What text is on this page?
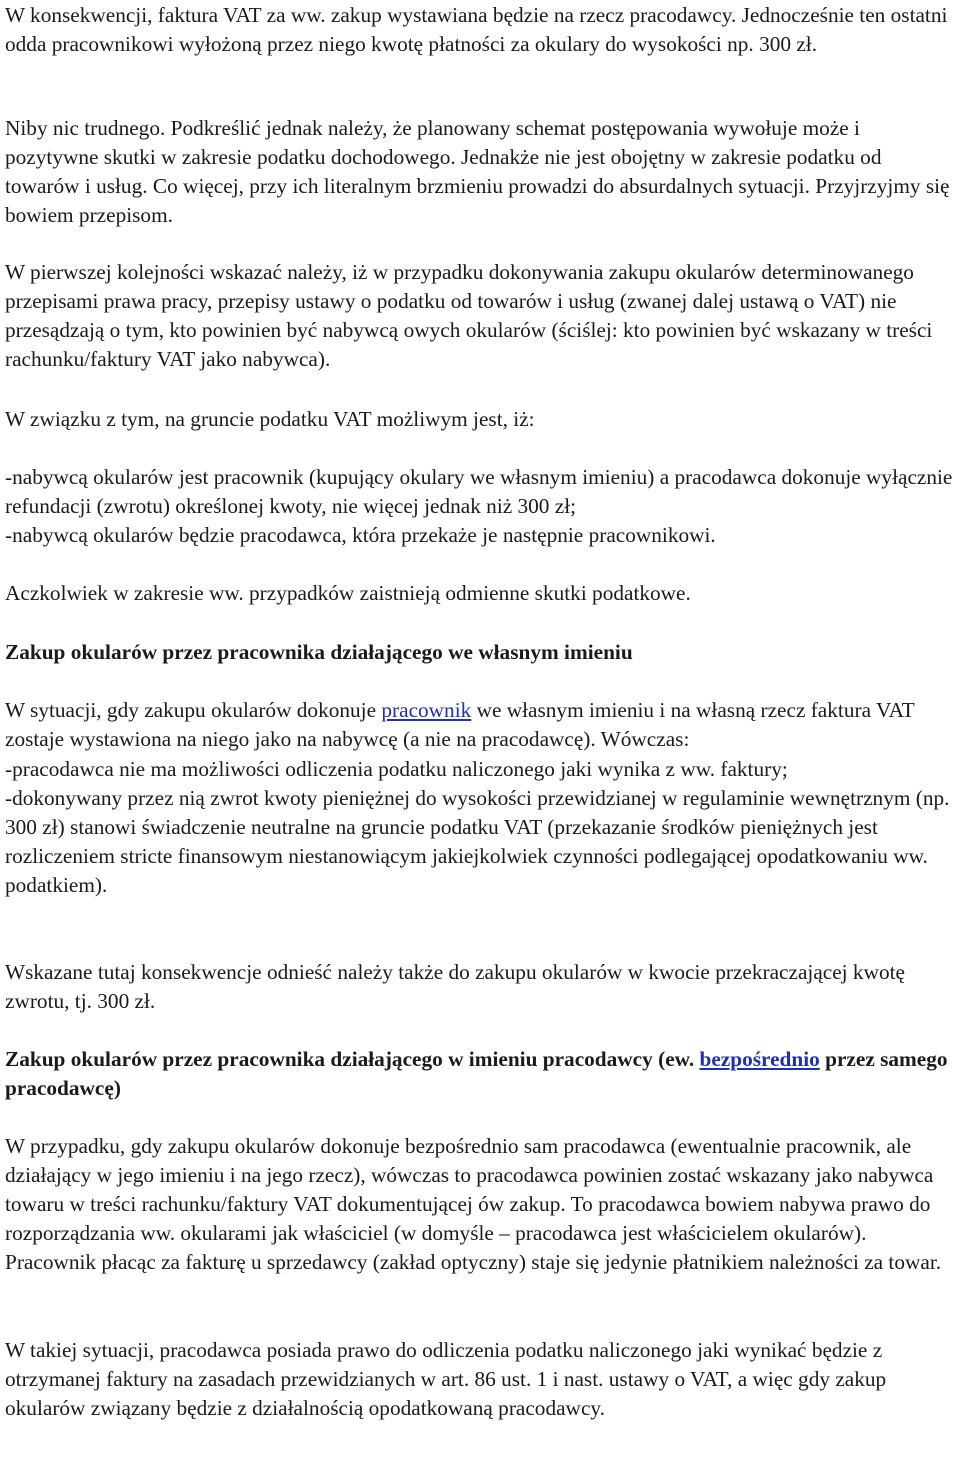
W konsekwencji, faktura VAT za ww. zakup wystawiana będzie na rzecz pracodawcy. Jednocześnie ten ostatni odda pracownikowi wyłożoną przez niego kwotę płatności za okulary do wysokości np. 300 zł.

Niby nic trudnego. Podkreślić jednak należy, że planowany schemat postępowania wywołuje może i pozytywne skutki w zakresie podatku dochodowego. Jednakże nie jest obojętny w zakresie podatku od towarów i usług. Co więcej, przy ich literalnym brzmieniu prowadzi do absurdalnych sytuacji. Przyjrzyjmy się bowiem przepisom.

W pierwszej kolejności wskazać należy, iż w przypadku dokonywania zakupu okularów determinowanego przepisami prawa pracy, przepisy ustawy o podatku od towarów i usług (zwanej dalej ustawą o VAT) nie przesądzają o tym, kto powinien być nabywcą owych okularów (ściślej: kto powinien być wskazany w treści rachunku/faktury VAT jako nabywca).

W związku z tym, na gruncie podatku VAT możliwym jest, iż:

-nabywcą okularów jest pracownik (kupujący okulary we własnym imieniu) a pracodawca dokonuje wyłącznie refundacji (zwrotu) określonej kwoty, nie więcej jednak niż 300 zł;

-nabywcą okularów będzie pracodawca, która przekaże je następnie pracownikowi.

Aczkolwiek w zakresie ww. przypadków zaistnieją odmienne skutki podatkowe.

Zakup okularów przez pracownika działającego we własnym imieniu

W sytuacji, gdy zakupu okularów dokonuje pracownik we własnym imieniu i na własną rzecz faktura VAT zostaje wystawiona na niego jako na nabywcę (a nie na pracodawcę). Wówczas:

-pracodawca nie ma możliwości odliczenia podatku naliczonego jaki wynika z ww. faktury;

-dokonywany przez nią zwrot kwoty pieniężnej do wysokości przewidzianej w regulaminie wewnętrznym (np. 300 zł) stanowi świadczenie neutralne na gruncie podatku VAT (przekazanie środków pieniężnych jest rozliczeniem stricte finansowym niestanowiącym jakiejkolwiek czynności podlegającej opodatkowaniu ww. podatkiem).

Wskazane tutaj konsekwencje odnieść należy także do zakupu okularów w kwocie przekraczającej kwotę zwrotu, tj. 300 zł.

Zakup okularów przez pracownika działającego w imieniu pracodawcy (ew. bezpośrednio przez samego pracodawcę)

W przypadku, gdy zakupu okularów dokonuje bezpośrednio sam pracodawca (ewentualnie pracownik, ale działający w jego imieniu i na jego rzecz), wówczas to pracodawca powinien zostać wskazany jako nabywca towaru w treści rachunku/faktury VAT dokumentującej ów zakup. To pracodawca bowiem nabywa prawo do rozporządzania ww. okularami jak właściciel (w domyśle – pracodawca jest właścicielem okularów). Pracownik płacąc za fakturę u sprzedawcy (zakład optyczny) staje się jedynie płatnikiem należności za towar.

W takiej sytuacji, pracodawca posiada prawo do odliczenia podatku naliczonego jaki wynikać będzie z otrzymanej faktury na zasadach przewidzianych w art. 86 ust. 1 i nast. ustawy o VAT, a więc gdy zakup okularów związany będzie z działalnością opodatkowaną pracodawcy.
